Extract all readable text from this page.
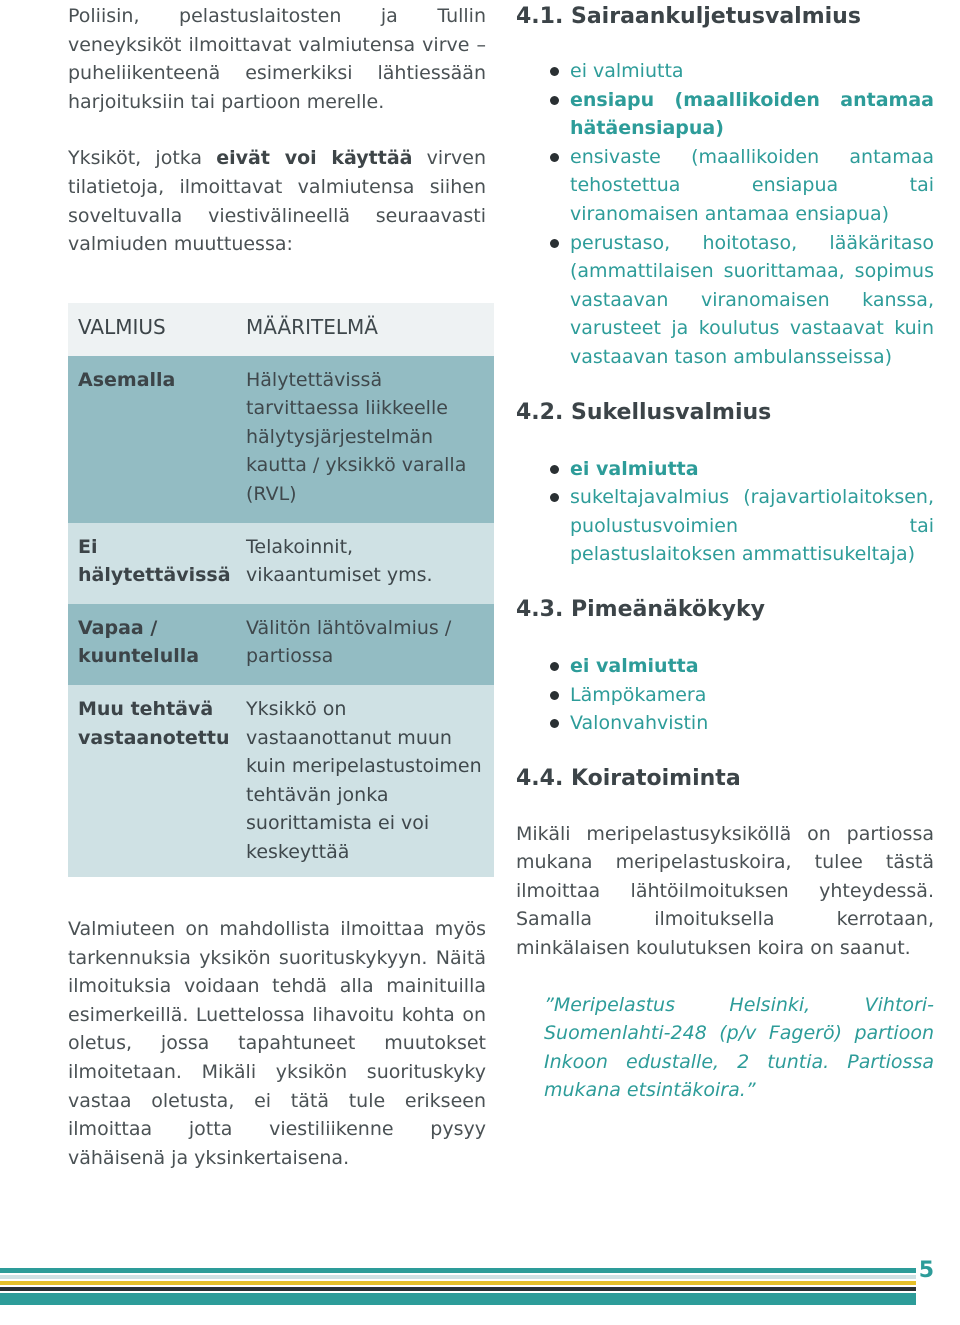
Poliisin, pelastuslaitosten ja Tullin veneyksiköt ilmoittavat valmiutensa virve – puheliikenteenä esimerkiksi lähtiessään harjoituksiin tai partioon merelle.

Yksiköt, jotka eivät voi käyttää virven tilatietoja, ilmoittavat valmiutensa siihen soveltuvalla viestivälineellä seuraavasti valmiuden muuttuessa:

VALMIUS	MÄÄRITELMÄ
Asemalla	Hälytettävissä tarvittaessa liikkeelle hälytysjärjestelmän kautta / yksikkö varalla (RVL)
Ei hälytettävissä	Telakoinnit, vikaantumiset yms.
Vapaa / kuuntelulla	Välitön lähtövalmius / partiossa
Muu tehtävä vastaanotettu	Yksikkö on vastaanottanut muun kuin meripelastustoimen tehtävän jonka suorittamista ei voi keskeyttää

Valmiuteen on mahdollista ilmoittaa myös tarkennuksia yksikön suorituskykyyn. Näitä ilmoituksia voidaan tehdä alla mainituilla esimerkeillä. Luettelossa lihavoitu kohta on oletus, jossa tapahtuneet muutokset ilmoitetaan. Mikäli yksikön suorituskyky vastaa oletusta, ei tätä tule erikseen ilmoittaa jotta viestiliikenne pysyy vähäisenä ja yksinkertaisena.

4.1. Sairaankuljetusvalmius
ei valmiutta
ensiapu (maallikoiden antamaa hätäensiapua)
ensivaste (maallikoiden antamaa tehostettua ensiapua tai viranomaisen antamaa ensiapua)
perustaso, hoitotaso, lääkäritaso (ammattilaisen suorittamaa, sopimus vastaavan viranomaisen kanssa, varusteet ja koulutus vastaavat kuin vastaavan tason ambulansseissa)
4.2. Sukellusvalmius
ei valmiutta
sukeltajavalmius (rajavartiolaitoksen, puolustusvoimien tai pelastuslaitoksen ammattisukeltaja)
4.3. Pimeänäkökyky
ei valmiutta
Lämpökamera
Valonvahvistin
4.4. Koiratoiminta

Mikäli meripelastusyksiköllä on partiossa mukana meripelastuskoira, tulee tästä ilmoittaa lähtöilmoituksen yhteydessä. Samalla ilmoituksella kerrotaan, minkälaisen koulutuksen koira on saanut.

”Meripelastus Helsinki, Vihtori-Suomenlahti-248 (p/v Fagerö) partioon Inkoon edustalle, 2 tuntia. Partiossa mukana etsintäkoira.”

5
